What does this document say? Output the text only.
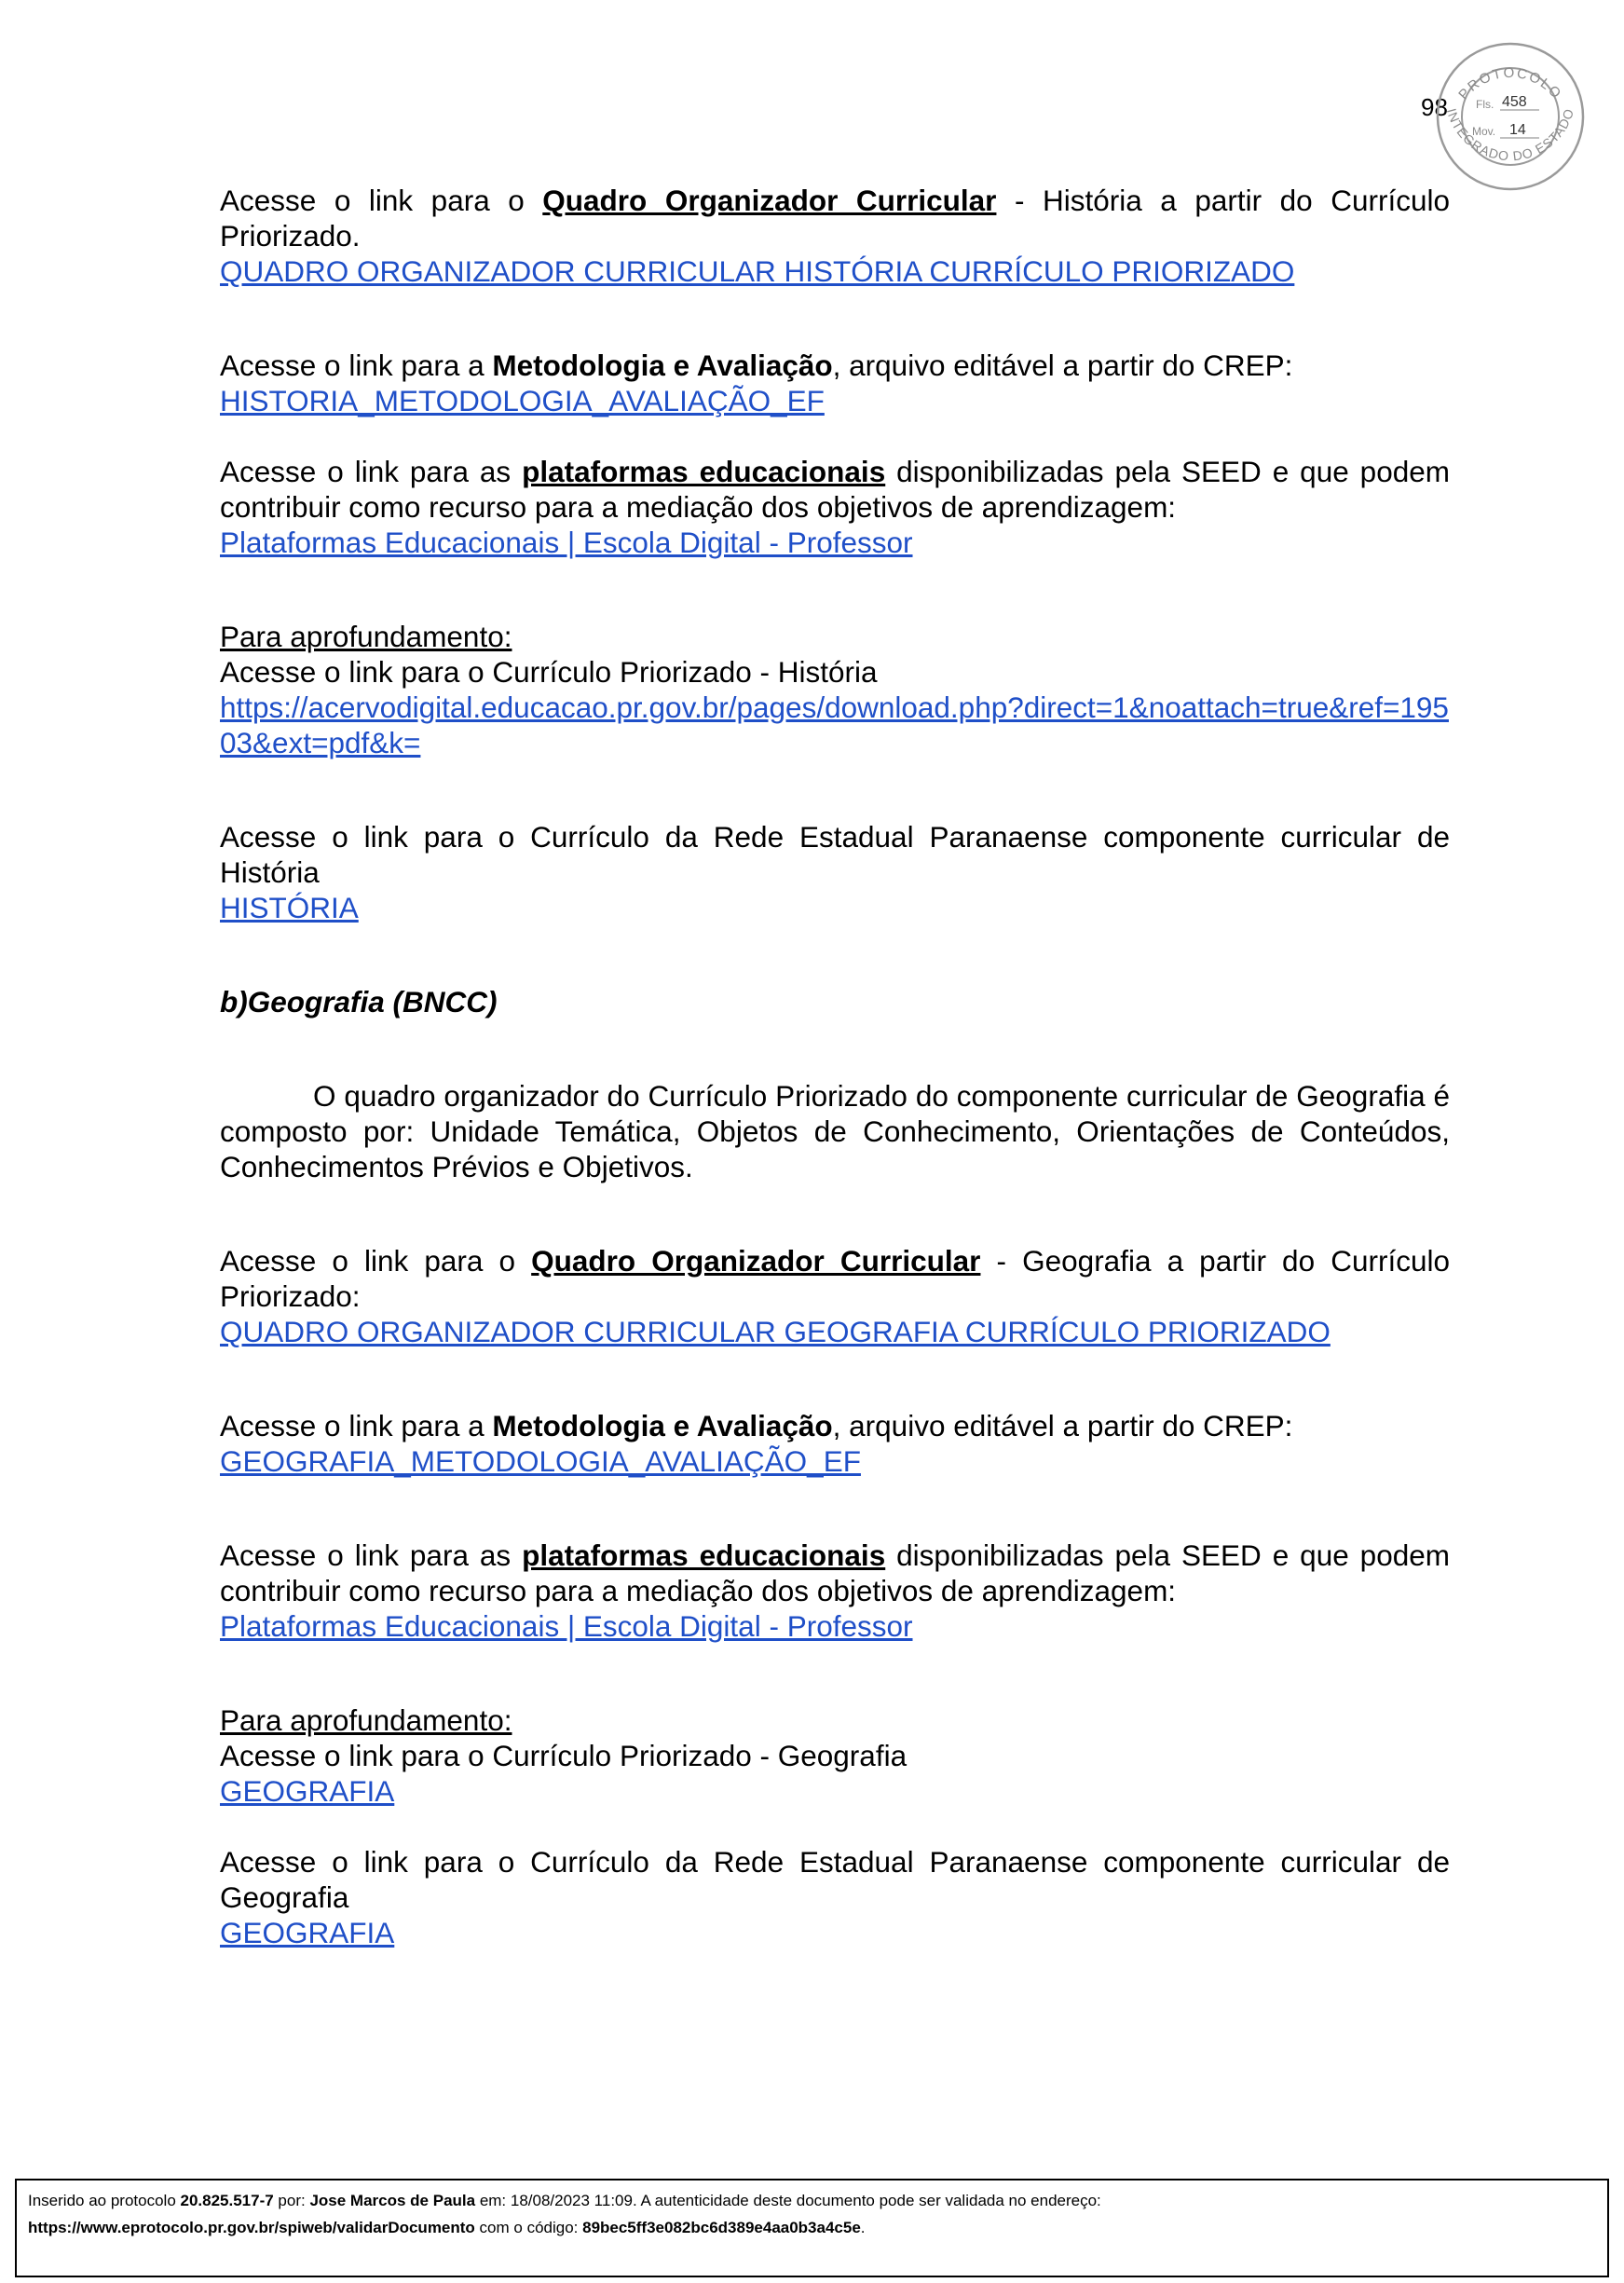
98 PROTOCOLO
INTEGRADO DO ESTADO
Fls. 458
Mov. 14

Acesse o link para o Quadro Organizador Curricular - História a partir do Currículo Priorizado.

QUADRO ORGANIZADOR CURRICULAR HISTÓRIA CURRÍCULO PRIORIZADO

Acesse o link para a Metodologia e Avaliação, arquivo editável a partir do CREP:

HISTORIA_METODOLOGIA_AVALIAÇÃO_EF

Acesse o link para as plataformas educacionais disponibilizadas pela SEED e que podem contribuir como recurso para a mediação dos objetivos de aprendizagem:

Plataformas Educacionais | Escola Digital - Professor

Para aprofundamento:

Acesse o link para o Currículo Priorizado - História

https://acervodigital.educacao.pr.gov.br/pages/download.php?direct=1&noattach=true&ref=19503&ext=pdf&k=

Acesse o link para o Currículo da Rede Estadual Paranaense componente curricular de História

HISTÓRIA

b)Geografia (BNCC)

O quadro organizador do Currículo Priorizado do componente curricular de Geografia é composto por: Unidade Temática, Objetos de Conhecimento, Orientações de Conteúdos, Conhecimentos Prévios e Objetivos.

Acesse o link para o Quadro Organizador Curricular - Geografia a partir do Currículo Priorizado:

QUADRO ORGANIZADOR CURRICULAR GEOGRAFIA CURRÍCULO PRIORIZADO

Acesse o link para a Metodologia e Avaliação, arquivo editável a partir do CREP:

GEOGRAFIA_METODOLOGIA_AVALIAÇÃO_EF

Acesse o link para as plataformas educacionais disponibilizadas pela SEED e que podem contribuir como recurso para a mediação dos objetivos de aprendizagem:

Plataformas Educacionais | Escola Digital - Professor

Para aprofundamento:

Acesse o link para o Currículo Priorizado - Geografia

GEOGRAFIA

Acesse o link para o Currículo da Rede Estadual Paranaense componente curricular de Geografia

GEOGRAFIA

Inserido ao protocolo 20.825.517-7 por: Jose Marcos de Paula em: 18/08/2023 11:09. A autenticidade deste documento pode ser validada no endereço:
https://www.eprotocolo.pr.gov.br/spiweb/validarDocumento com o código: 89bec5ff3e082bc6d389e4aa0b3a4c5e.
